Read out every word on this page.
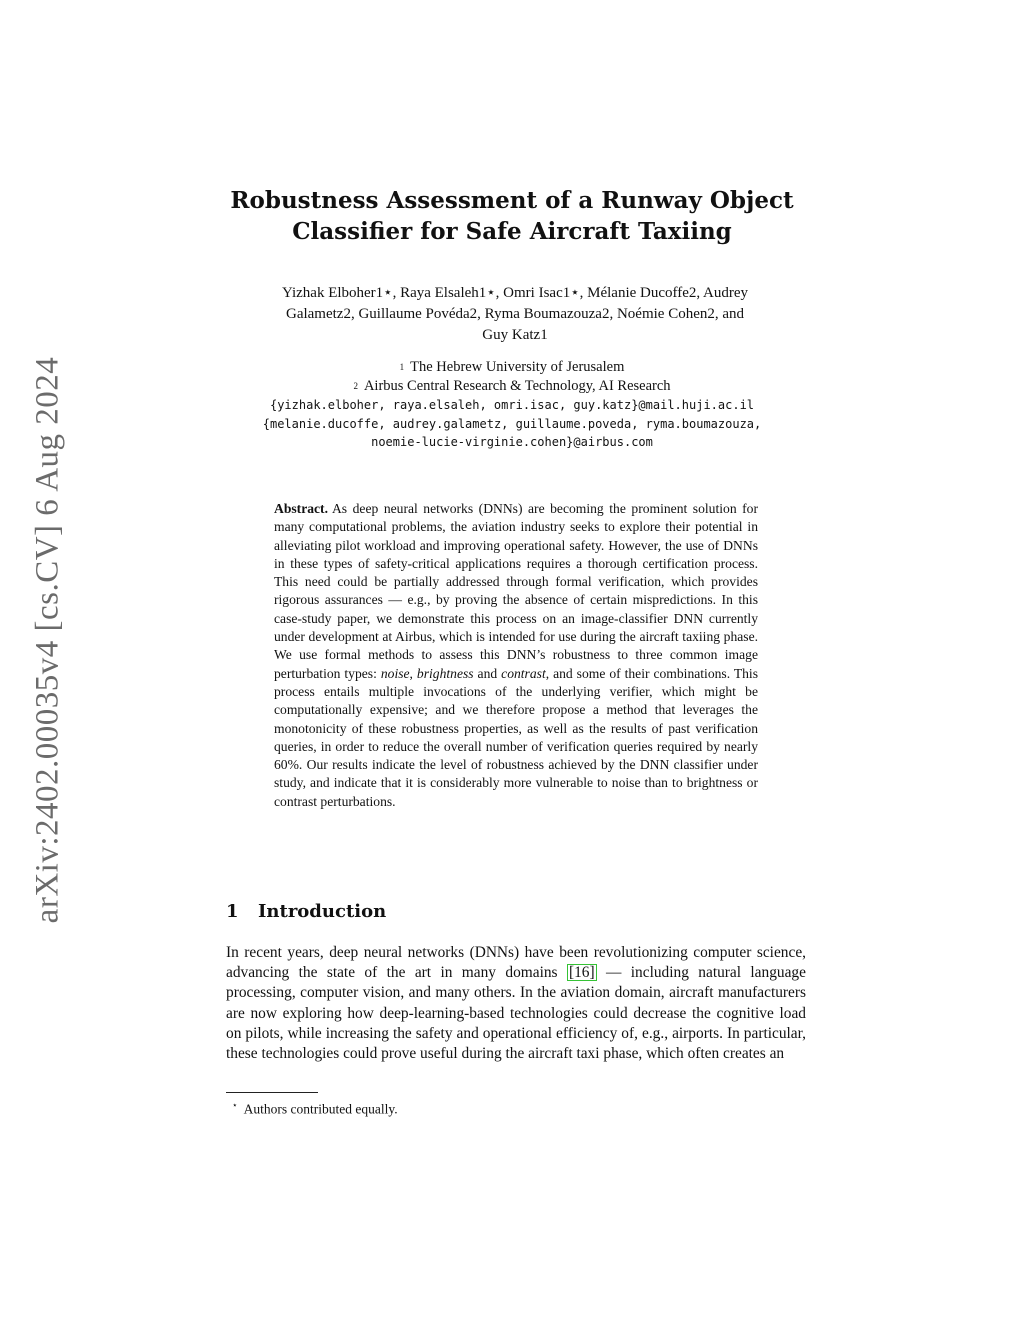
arXiv:2402.00035v4 [cs.CV] 6 Aug 2024
Robustness Assessment of a Runway Object
Classifier for Safe Aircraft Taxiing
Yizhak Elboher1⋆, Raya Elsaleh1⋆, Omri Isac1⋆, Mélanie Ducoffe2, Audrey
Galametz2, Guillaume Povéda2, Ryma Boumazouza2, Noémie Cohen2, and
Guy Katz1
$^1$ The Hebrew University of Jerusalem
$^2$ Airbus Central Research & Technology, AI Research
{yizhak.elboher, raya.elsaleh, omri.isac, guy.katz}@mail.huji.ac.il
{melanie.ducoffe, audrey.galametz, guillaume.poveda, ryma.boumazouza,
noemie-lucie-virginie.cohen}@airbus.com
Abstract. As deep neural networks (DNNs) are becoming the prominent solution for many computational problems, the aviation industry seeks to explore their potential in alleviating pilot workload and improving operational safety. However, the use of DNNs in these types of safety-critical applications requires a thorough certification process. This need could be partially addressed through formal verification, which provides rigorous assurances — e.g., by proving the absence of certain mispredictions. In this case-study paper, we demonstrate this process on an image-classifier DNN currently under development at Airbus, which is intended for use during the aircraft taxiing phase. We use formal methods to assess this DNN’s robustness to three common image perturbation types: noise, brightness and contrast, and some of their combinations. This process entails multiple invocations of the underlying verifier, which might be computationally expensive; and we therefore propose a method that leverages the monotonicity of these robustness properties, as well as the results of past verification queries, in order to reduce the overall number of verification queries required by nearly 60%. Our results indicate the level of robustness achieved by the DNN classifier under study, and indicate that it is considerably more vulnerable to noise than to brightness or contrast perturbations.
1 Introduction
In recent years, deep neural networks (DNNs) have been revolutionizing computer science, advancing the state of the art in many domains [16] — including natural language processing, computer vision, and many others. In the aviation domain, aircraft manufacturers are now exploring how deep-learning-based technologies could decrease the cognitive load on pilots, while increasing the safety and operational efficiency of, e.g., airports. In particular, these technologies could prove useful during the aircraft taxi phase, which often creates an
⋆ Authors contributed equally.
